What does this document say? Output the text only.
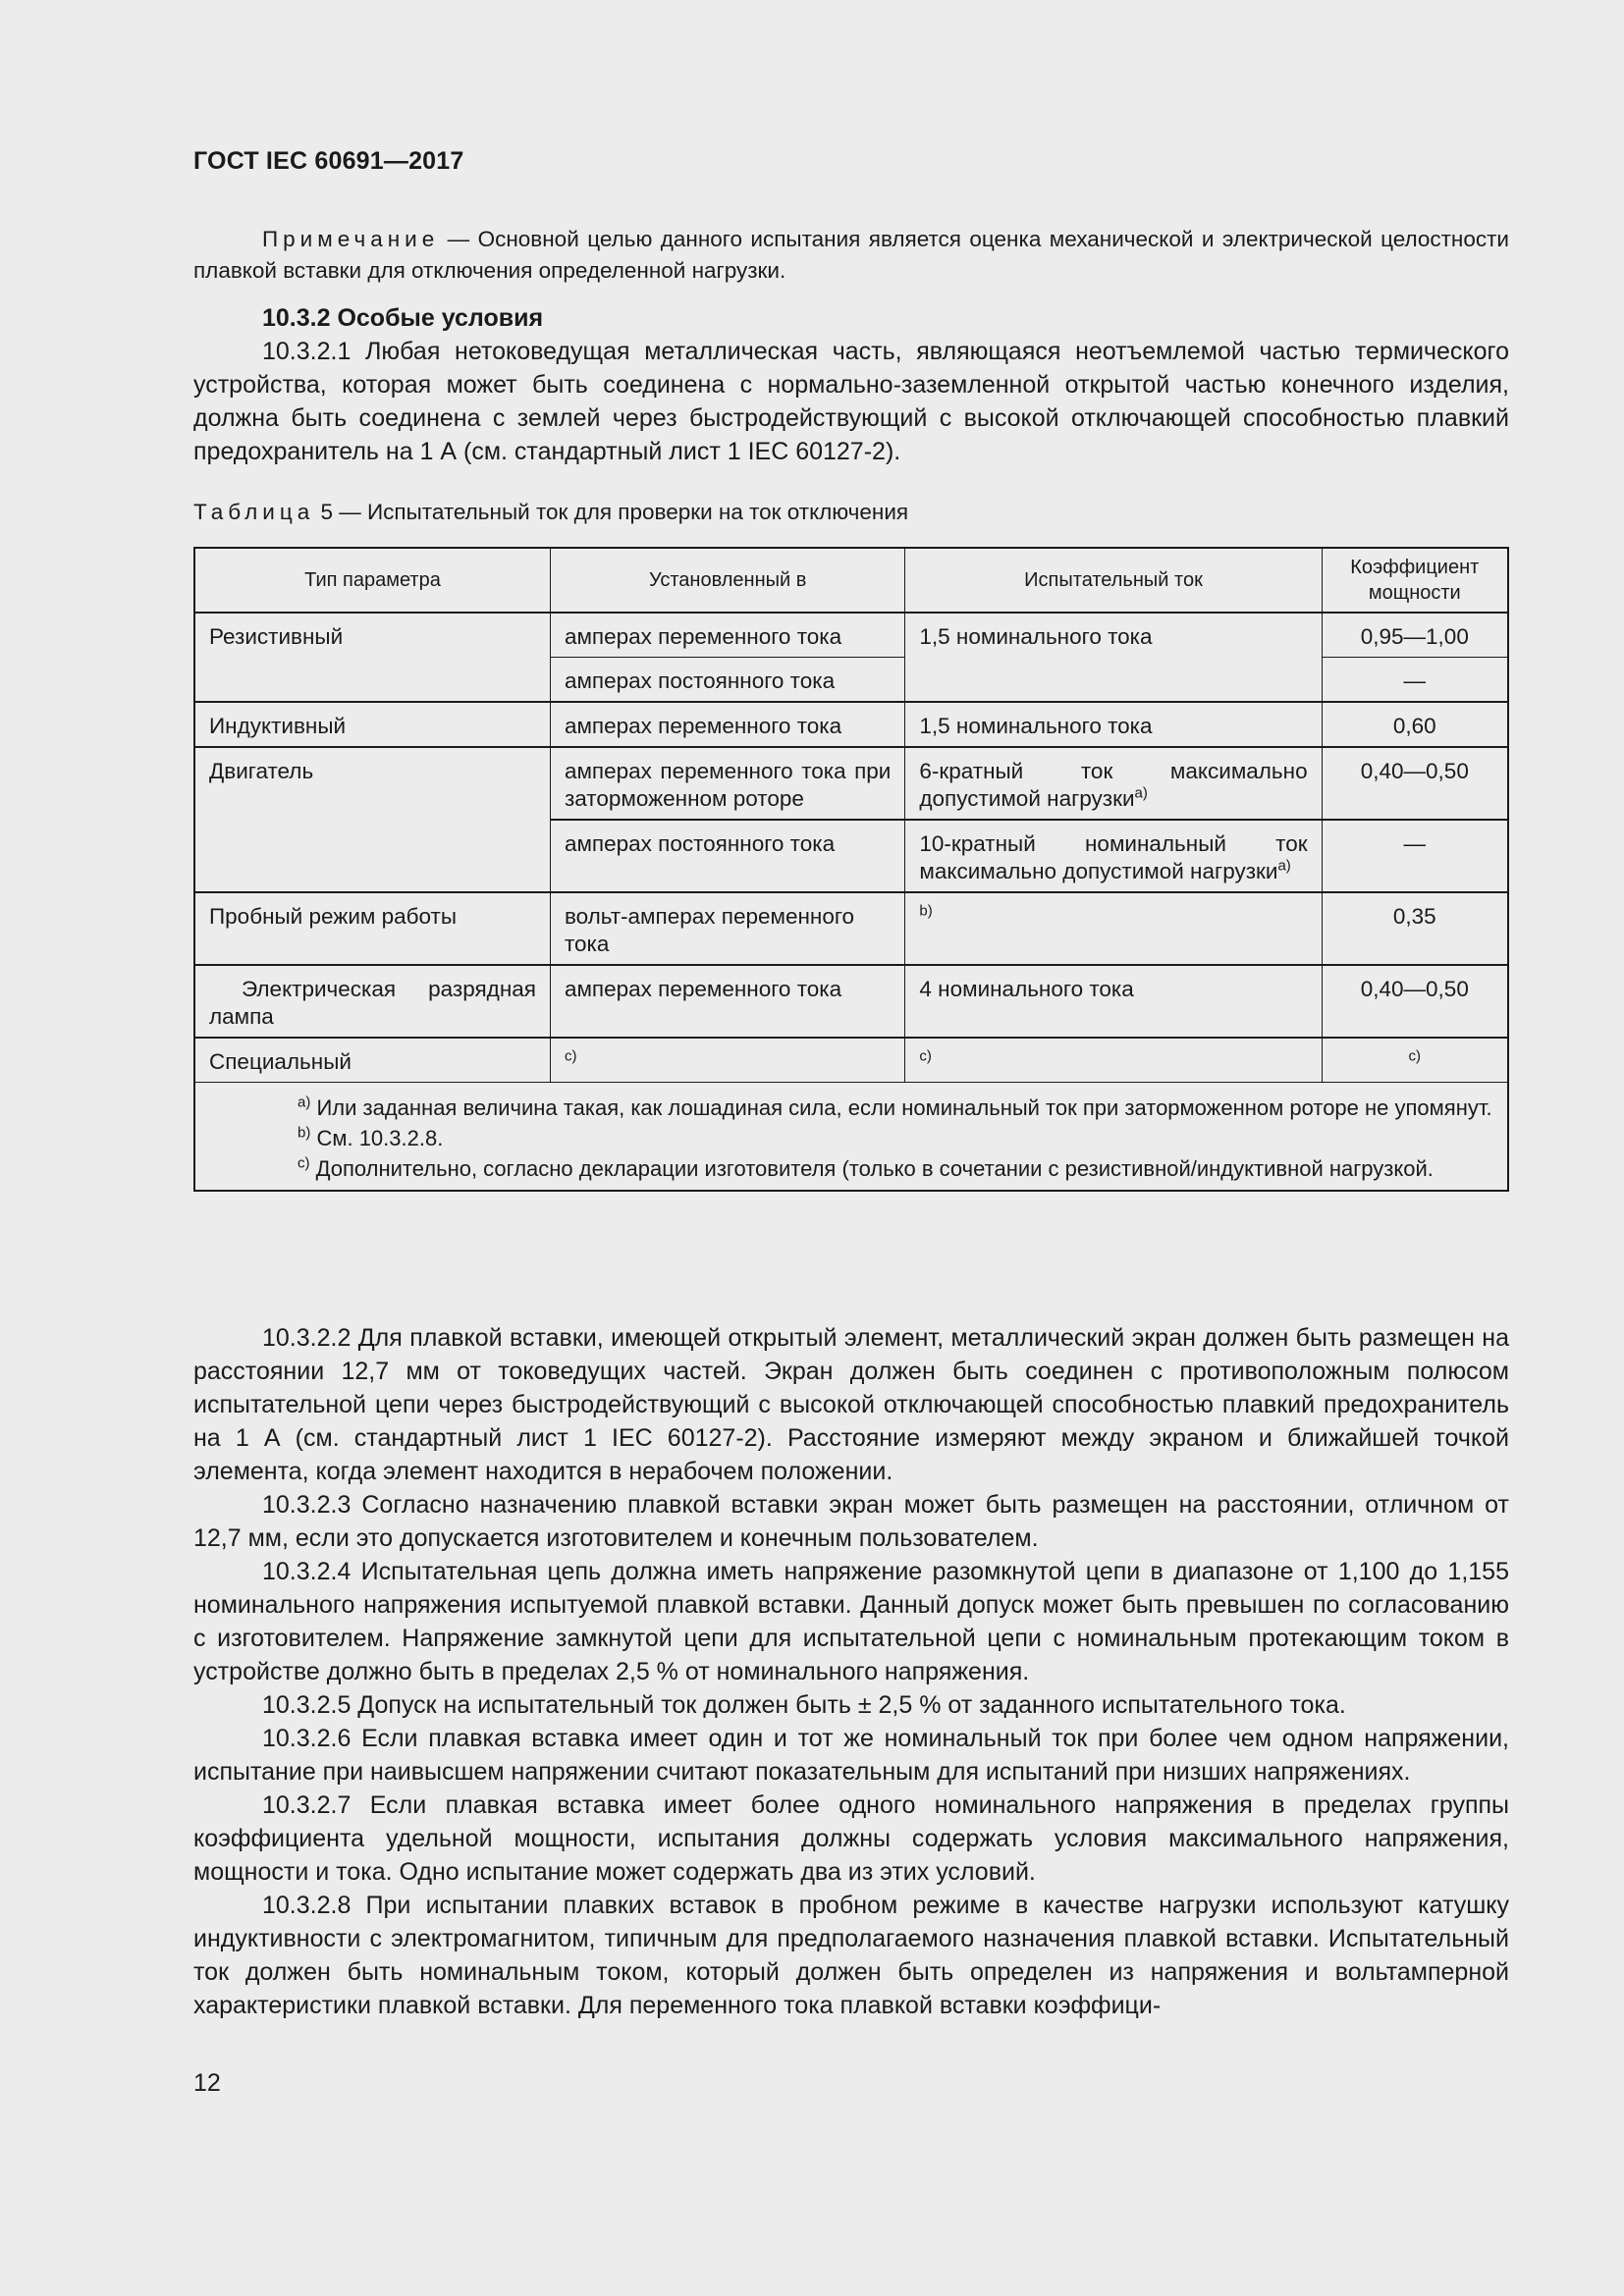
ГОСТ IEC 60691—2017
Примечание — Основной целью данного испытания является оценка механической и электрической целостности плавкой вставки для отключения определенной нагрузки.

10.3.2 Особые условия

10.3.2.1 Любая нетоковедущая металлическая часть, являющаяся неотъемлемой частью термического устройства, которая может быть соединена с нормально-заземленной открытой частью конечного изделия, должна быть соединена с землей через быстродействующий с высокой отключающей способностью плавкий предохранитель на 1 А (см. стандартный лист 1 IEC 60127-2).

Таблица 5 — Испытательный ток для проверки на ток отключения
Тип параметра	Установленный в	Испытательный ток	Коэффициент мощности
Резистивный	амперах переменного тока	1,5 номинального тока	0,95—1,00
	амперах постоянного тока		—
Индуктивный	амперах переменного тока	1,5 номинального тока	0,60
Двигатель	амперах переменного тока при заторможенном роторе	6-кратный ток максимально допустимой нагрузки$^{a)}$	0,40—0,50
	амперах постоянного тока	10-кратный номинальный ток максимально допустимой нагрузки$^{a)}$	—
Пробный режим работы	вольт-амперах переменного тока	$^{b)}$	0,35
Электрическая разрядная лампа	амперах переменного тока	4 номинального тока	0,40—0,50
Специальный	$^{c)}$	$^{c)}$	$^{c)}$

$^{a)}$ Или заданная величина такая, как лошадиная сила, если номинальный ток при заторможенном роторе не упомянут.

$^{b)}$ См. 10.3.2.8.

$^{c)}$ Дополнительно, согласно декларации изготовителя (только в сочетании с резистивной/индуктивной нагрузкой.			

10.3.2.2 Для плавкой вставки, имеющей открытый элемент, металлический экран должен быть размещен на расстоянии 12,7 мм от токоведущих частей. Экран должен быть соединен с противоположным полюсом испытательной цепи через быстродействующий с высокой отключающей способностью плавкий предохранитель на 1 А (см. стандартный лист 1 IEC 60127-2). Расстояние измеряют между экраном и ближайшей точкой элемента, когда элемент находится в нерабочем положении.

10.3.2.3 Согласно назначению плавкой вставки экран может быть размещен на расстоянии, отличном от 12,7 мм, если это допускается изготовителем и конечным пользователем.

10.3.2.4 Испытательная цепь должна иметь напряжение разомкнутой цепи в диапазоне от 1,100 до 1,155 номинального напряжения испытуемой плавкой вставки. Данный допуск может быть превышен по согласованию с изготовителем. Напряжение замкнутой цепи для испытательной цепи с номинальным протекающим током в устройстве должно быть в пределах 2,5 % от номинального напряжения.

10.3.2.5 Допуск на испытательный ток должен быть ± 2,5 % от заданного испытательного тока.

10.3.2.6 Если плавкая вставка имеет один и тот же номинальный ток при более чем одном напряжении, испытание при наивысшем напряжении считают показательным для испытаний при низших напряжениях.

10.3.2.7 Если плавкая вставка имеет более одного номинального напряжения в пределах группы коэффициента удельной мощности, испытания должны содержать условия максимального напряжения, мощности и тока. Одно испытание может содержать два из этих условий.

10.3.2.8 При испытании плавких вставок в пробном режиме в качестве нагрузки используют катушку индуктивности с электромагнитом, типичным для предполагаемого назначения плавкой вставки. Испытательный ток должен быть номинальным током, который должен быть определен из напряжения и вольтамперной характеристики плавкой вставки. Для переменного тока плавкой вставки коэффици-

12
